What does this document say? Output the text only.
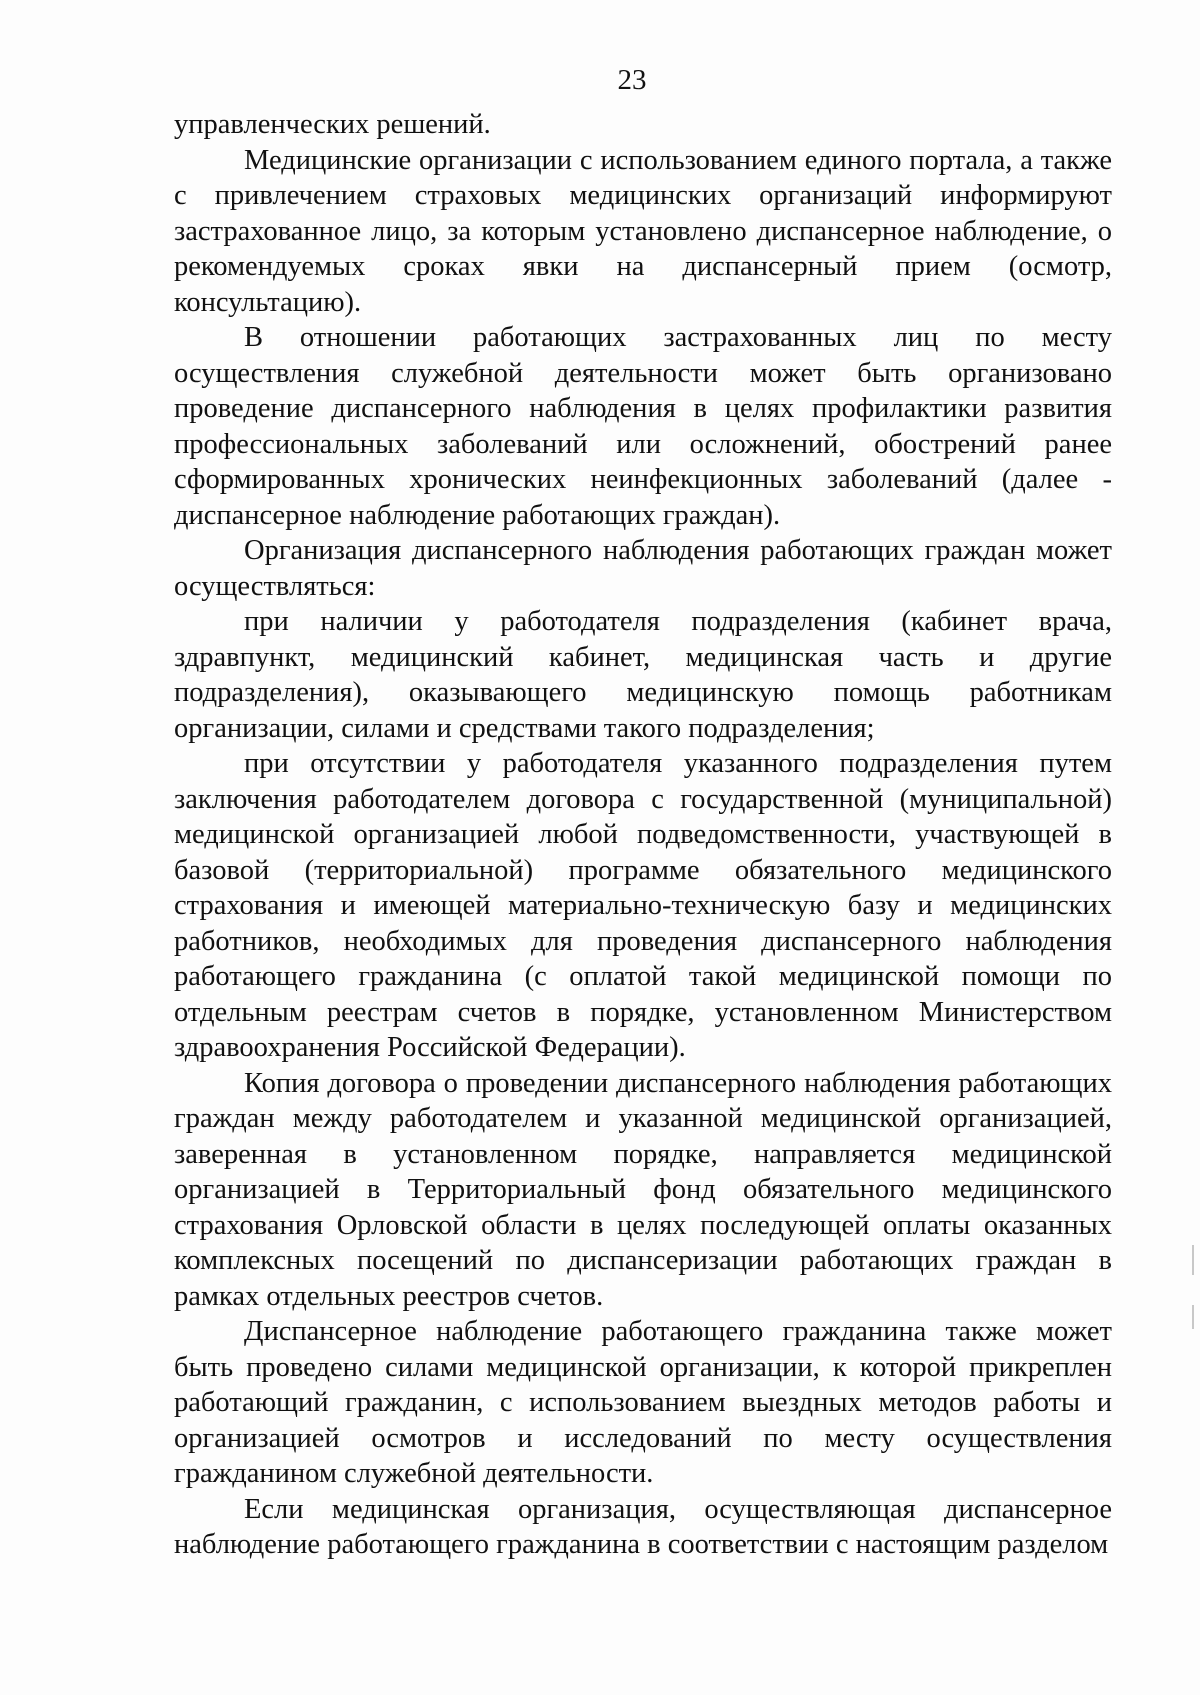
23

управленческих решений.

Медицинские организации с использованием единого портала, а также с привлечением страховых медицинских организаций информируют застрахованное лицо, за которым установлено диспансерное наблюдение, о рекомендуемых сроках явки на диспансерный прием (осмотр, консультацию).

В отношении работающих застрахованных лиц по месту осуществления служебной деятельности может быть организовано проведение диспансерного наблюдения в целях профилактики развития профессиональных заболеваний или осложнений, обострений ранее сформированных хронических неинфекционных заболеваний (далее - диспансерное наблюдение работающих граждан).

Организация диспансерного наблюдения работающих граждан может осуществляться:

при наличии у работодателя подразделения (кабинет врача, здравпункт, медицинский кабинет, медицинская часть и другие подразделения), оказывающего медицинскую помощь работникам организации, силами и средствами такого подразделения;

при отсутствии у работодателя указанного подразделения путем заключения работодателем договора с государственной (муниципальной) медицинской организацией любой подведомственности, участвующей в базовой (территориальной) программе обязательного медицинского страхования и имеющей материально-техническую базу и медицинских работников, необходимых для проведения диспансерного наблюдения работающего гражданина (с оплатой такой медицинской помощи по отдельным реестрам счетов в порядке, установленном Министерством здравоохранения Российской Федерации).

Копия договора о проведении диспансерного наблюдения работающих граждан между работодателем и указанной медицинской организацией, заверенная в установленном порядке, направляется медицинской организацией в Территориальный фонд обязательного медицинского страхования Орловской области в целях последующей оплаты оказанных комплексных посещений по диспансеризации работающих граждан в рамках отдельных реестров счетов.

Диспансерное наблюдение работающего гражданина также может быть проведено силами медицинской организации, к которой прикреплен работающий гражданин, с использованием выездных методов работы и организацией осмотров и исследований по месту осуществления гражданином служебной деятельности.

Если медицинская организация, осуществляющая диспансерное наблюдение работающего гражданина в соответствии с настоящим разделом
